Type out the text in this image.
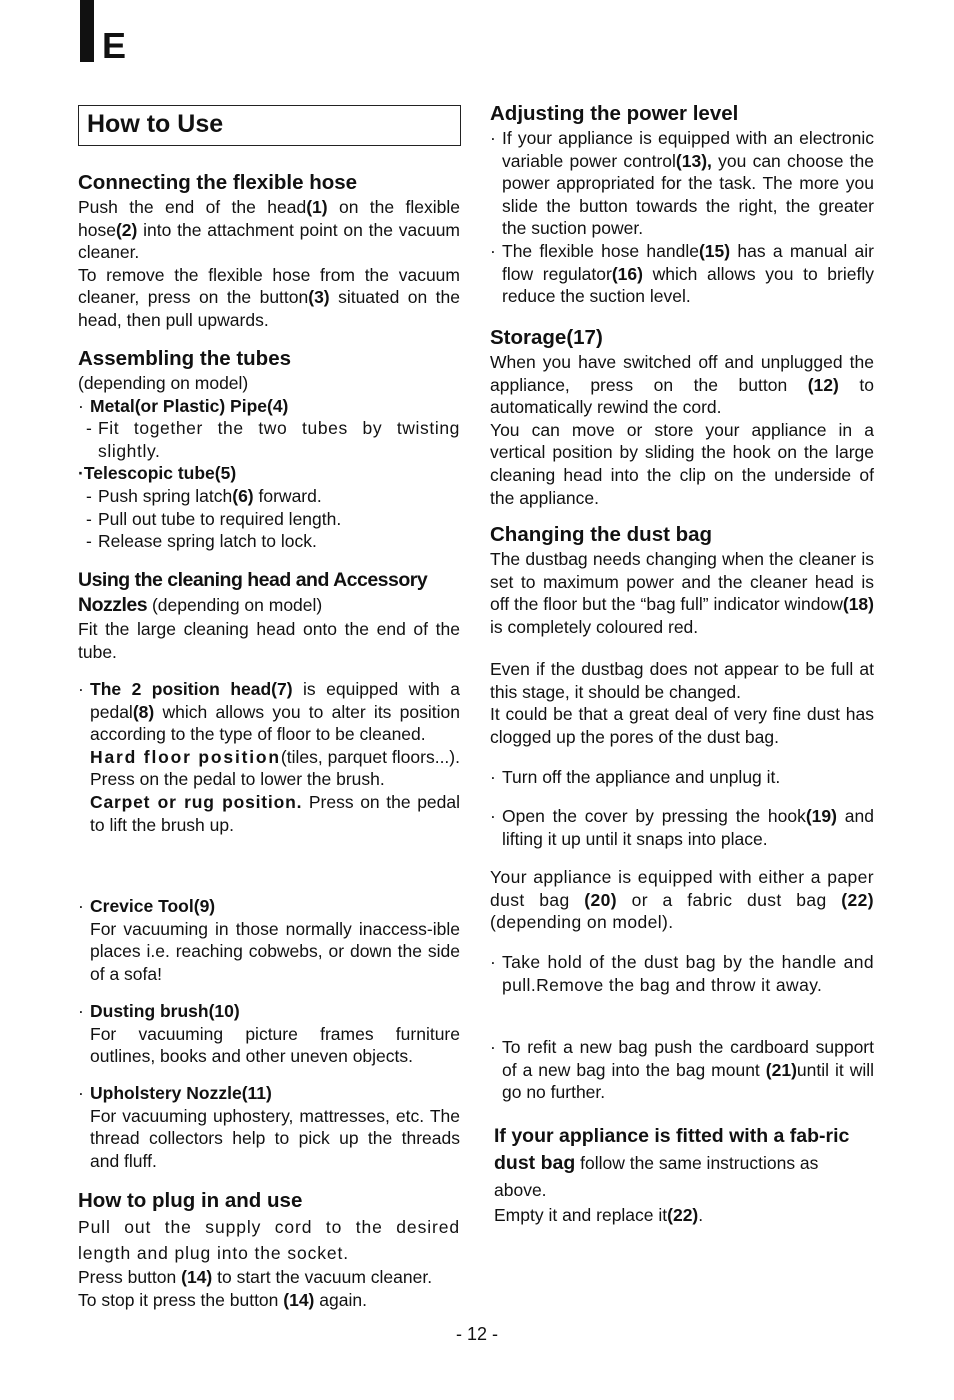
E
How to Use
Connecting the flexible hose

Push the end of the head(1) on the flexible hose(2) into the attachment point on the vacuum cleaner.

To remove the flexible hose from the vacuum cleaner, press on the button(3) situated on the head, then pull upwards.

Assembling the tubes

(depending on model)

· Metal(or Plastic) Pipe(4)
- Fit together the two tubes by twisting slightly.

·Telescopic tube(5)

- Push spring latch(6) forward.
- Pull out tube to required length.
- Release spring latch to lock.

Using the cleaning head and Accessory Nozzles (depending on model)

Fit the large cleaning head onto the end of the tube.

· The 2 position head(7) is equipped with a pedal(8) which allows you to alter its position according to the type of floor to be cleaned.
Hard floor position(tiles, parquet floors...). Press on the pedal to lower the brush.
Carpet or rug position. Press on the pedal to lift the brush up.
· Crevice Tool(9)
For vacuuming in those normally inaccess-ible places i.e. reaching cobwebs, or down the side of a sofa!
· Dusting brush(10)
For vacuuming picture frames furniture outlines, books and other uneven objects.
· Upholstery Nozzle(11)
For vacuuming uphostery, mattresses, etc. The thread collectors help to pick up the threads and fluff.
How to plug in and use

Pull out the supply cord to the desired length and plug into the socket.

Press button (14) to start the vacuum cleaner.

To stop it press the button (14) again.

Adjusting the power level
· If your appliance is equipped with an electronic variable power control(13), you can choose the power appropriated for the task. The more you slide the button towards the right, the greater the suction power.
· The flexible hose handle(15) has a manual air flow regulator(16) which allows you to briefly reduce the suction level.
Storage(17)

When you have switched off and unplugged the appliance, press on the button (12) to automatically rewind the cord.

You can move or store your appliance in a vertical position by sliding the hook on the large cleaning head into the clip on the underside of the appliance.

Changing the dust bag

The dustbag needs changing when the cleaner is set to maximum power and the cleaner head is off the floor but the “bag full” indicator window(18) is completely coloured red.

Even if the dustbag does not appear to be full at this stage, it should be changed.

It could be that a great deal of very fine dust has clogged up the pores of the dust bag.

· Turn off the appliance and unplug it.
· Open the cover by pressing the hook(19) and lifting it up until it snaps into place.

Your appliance is equipped with either a paper dust bag (20) or a fabric dust bag (22)(depending on model).

· Take hold of the dust bag by the handle and pull.Remove the bag and throw it away.
· To refit a new bag push the cardboard support of a new bag into the bag mount (21)until it will go no further.

If your appliance is fitted with a fab-ric dust bag follow the same instructions as above.

Empty it and replace it(22).

- 12 -
